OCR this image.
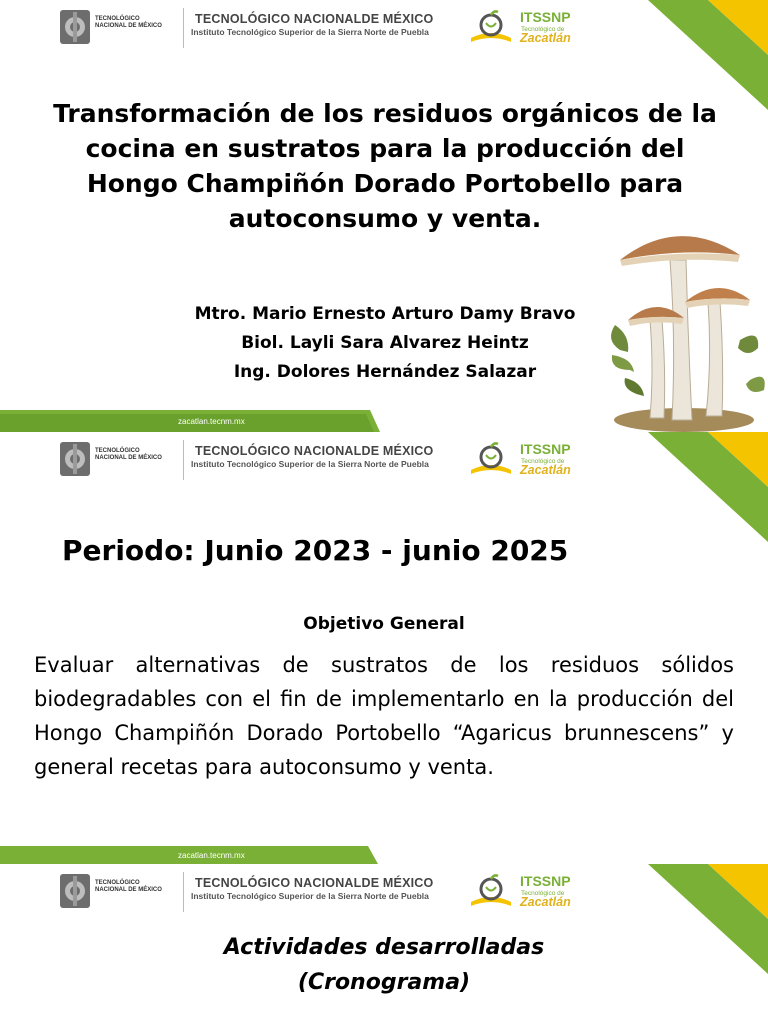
TECNOLÓGICO
NACIONAL DE MÉXICO	TECNOLÓGICO NACIONALDE MÉXICO
Instituto Tecnológico Superior de la Sierra Norte de Puebla
ITSSNP
Tecnológico de
Zacatlán
Transformación de los residuos orgánicos de la cocina en sustratos para la producción del Hongo Champiñón Dorado Portobello para autoconsumo y venta.
Mtro. Mario Ernesto Arturo Damy Bravo
Biol. Layli Sara Alvarez Heintz
Ing. Dolores Hernández Salazar
zacatlan.tecnm.mx
TECNOLÓGICO
NACIONAL DE MÉXICO	TECNOLÓGICO NACIONALDE MÉXICO
Instituto Tecnológico Superior de la Sierra Norte de Puebla
ITSSNP
Tecnológico de
Zacatlán
Periodo: Junio 2023 - junio 2025
Objetivo General
Evaluar alternativas de sustratos de los residuos sólidos biodegradables con el fin de implementarlo en la producción del Hongo Champiñón Dorado Portobello “Agaricus brunnescens” y general recetas para autoconsumo y venta.
zacatlan.tecnm.mx
TECNOLÓGICO
NACIONAL DE MÉXICO	TECNOLÓGICO NACIONALDE MÉXICO
Instituto Tecnológico Superior de la Sierra Norte de Puebla
ITSSNP
Tecnológico de
Zacatlán
Actividades desarrolladas
(Cronograma)
